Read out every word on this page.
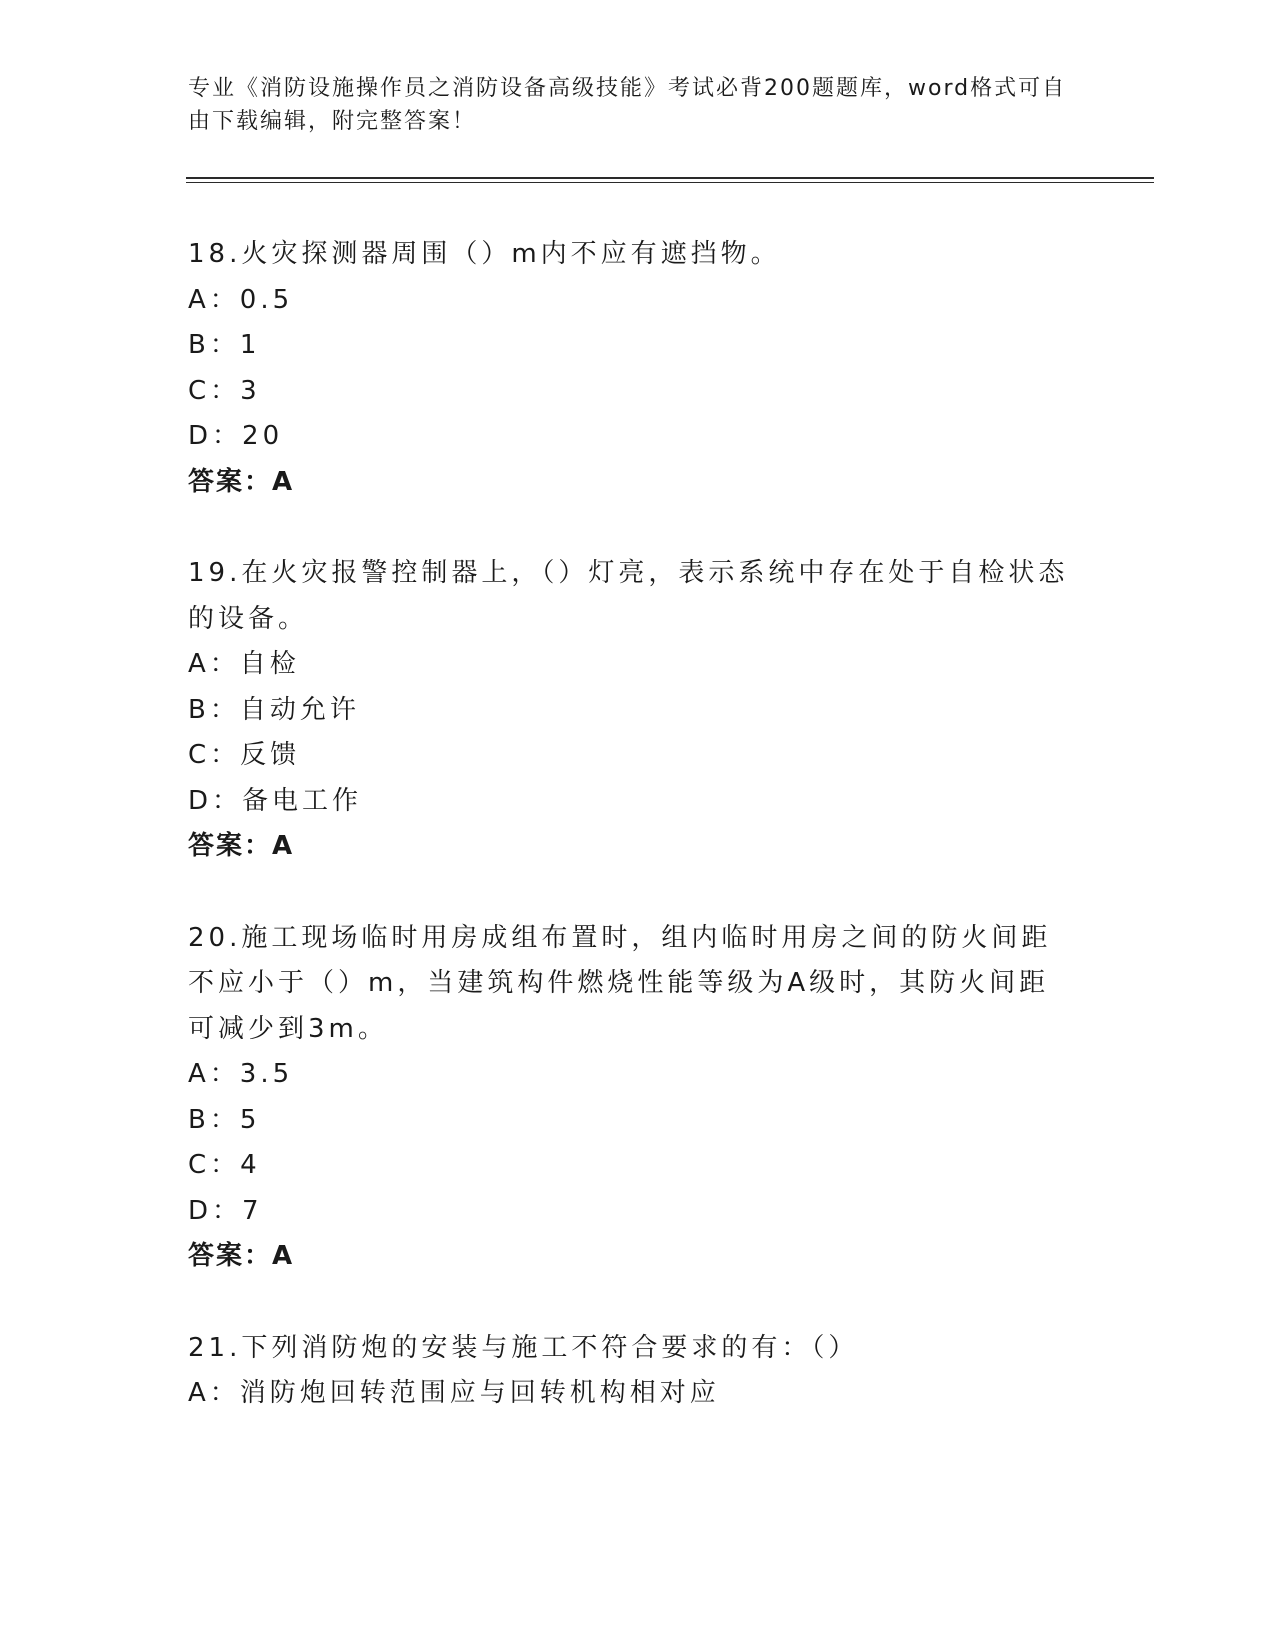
专业《消防设施操作员之消防设备高级技能》考试必背200题题库，word格式可自由下载编辑，附完整答案！
18.火灾探测器周围（）m内不应有遮挡物。
A：0.5
B：1
C：3
D：20
答案：A
19.在火灾报警控制器上，（）灯亮，表示系统中存在处于自检状态的设备。
A：自检
B：自动允许
C：反馈
D：备电工作
答案：A
20.施工现场临时用房成组布置时，组内临时用房之间的防火间距不应小于（）m，当建筑构件燃烧性能等级为A级时，其防火间距可减少到3m。
A：3.5
B：5
C：4
D：7
答案：A
21.下列消防炮的安装与施工不符合要求的有：（）
A：消防炮回转范围应与回转机构相对应
